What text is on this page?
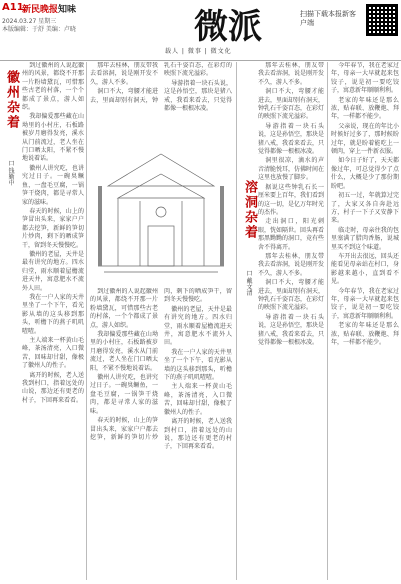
A11
新民晚报 知味
2024.03.27 星期三
本版编辑：于舒 美编：卢晓	微派
载人 | 微事 | 微文化
扫描下载本报新客户端
徽州杂着
口 钱勤中

到过徽州的人说起徽州的风景，都绕不开那一片粉墙黛瓦，可惜那些古老的村落，一个个都成了景点，游人如织。

我却偏爱那些藏在山坳里的小村庄，石板路被岁月磨得发亮，溪水从门前流过，老人坐在门口晒太阳，不紧不慢地说着话。

徽州人讲究吃，也讲究过日子。一碗臭鳜鱼，一盘毛豆腐，一锅笋干烧肉，都是寻常人家的滋味。

春天的时候，山上的笋冒出头来，家家户户都去挖笋，新鲜的笋切片炒肉，剩下的晒成笋干，留到冬天慢慢吃。

徽州的老屋，天井是最有讲究的地方。四水归堂，雨水顺着屋檐流进天井，寓意肥水不流外人田。

我在一户人家的天井里坐了一个下午，看光影从墙的这头移到那头，听檐下的燕子叽叽喳喳。

主人端来一杯黄山毛峰，茶汤清亮，入口微苦，回味却甘甜，像极了徽州人的性子。

离开的时候，老人送我到村口，指着远处的山说，那边还有更老的村子，下回再来看看。

到过徽州的人说起徽州的风景，都绕不开那一片粉墙黛瓦，可惜那些古老的村落，一个个都成了景点，游人如织。

我却偏爱那些藏在山坳里的小村庄，石板路被岁月磨得发亮，溪水从门前流过，老人坐在门口晒太阳，不紧不慢地说着话。

徽州人讲究吃，也讲究过日子。一碗臭鳜鱼，一盘毛豆腐，一锅笋干烧肉，都是寻常人家的滋味。

春天的时候，山上的笋冒出头来，家家户户都去挖笋，新鲜的笋切片炒肉，剩下的晒成笋干，留到冬天慢慢吃。

徽州的老屋，天井是最有讲究的地方。四水归堂，雨水顺着屋檐流进天井，寓意肥水不流外人田。

我在一户人家的天井里坐了一个下午，看光影从墙的这头移到那头，听檐下的燕子叽叽喳喳。

主人端来一杯黄山毛峰，茶汤清亮，入口微苦，回味却甘甜，像极了徽州人的性子。

离开的时候，老人送我到村口，指着远处的山说，那边还有更老的村子，下回再来看看。

那年去桂林，朋友带我去看溶洞，说是刚开发不久，游人不多。

洞口不大，弯腰才能进去，里面却别有洞天，钟乳石千姿百态，在彩灯的映照下流光溢彩。

导游指着一块石头说，这是孙悟空，那块是猪八戒，我看来看去，只觉得都像一根根冰凌。

溶洞杂着
口 戴文清

那年去桂林，朋友带我去看溶洞，说是刚开发不久，游人不多。

洞口不大，弯腰才能进去，里面却别有洞天，钟乳石千姿百态，在彩灯的映照下流光溢彩。

导游指着一块石头说，这是孙悟空，那块是猪八戒，我看来看去，只觉得都像一根根冰凌。

洞里很凉，滴水的声音清脆悦耳，仿佛时间在这里也放慢了脚步。

据说这些钟乳石长一厘米要上百年，我们看到的这一切，是亿万年时光的杰作。

走出洞口，阳光刺眼，恍如隔世。回头再看那黑黝黝的洞口，竟有些舍不得离开。

那年去桂林，朋友带我去看溶洞，说是刚开发不久，游人不多。

洞口不大，弯腰才能进去，里面却别有洞天，钟乳石千姿百态，在彩灯的映照下流光溢彩。

导游指着一块石头说，这是孙悟空，那块是猪八戒，我看来看去，只觉得都像一根根冰凌。

今年春节，我在老家过年，母亲一大早就起来包饺子，说是初一要吃饺子，寓意新年顺顺利利。

老家的年味还是那么浓，贴春联、放鞭炮、拜年，一样都不能少。

父亲说，现在的年比小时候好过多了，那时候盼过年，就是盼着能吃上一顿肉，穿上一件新衣服。

如今日子好了，天天都像过年，可总觉得少了点什么，大概是少了那份期盼吧。

初五一过，年就算过完了，大家又各自奔赴远方，村子一下子又安静下来。

临走时，母亲往我的包里塞满了腊肉香肠，说城里买不到这个味道。

车开出去很远，回头还能看见母亲站在村口，身影越来越小，直到看不见。

今年春节，我在老家过年，母亲一大早就起来包饺子，说是初一要吃饺子，寓意新年顺顺利利。

老家的年味还是那么浓，贴春联、放鞭炮、拜年，一样都不能少。
